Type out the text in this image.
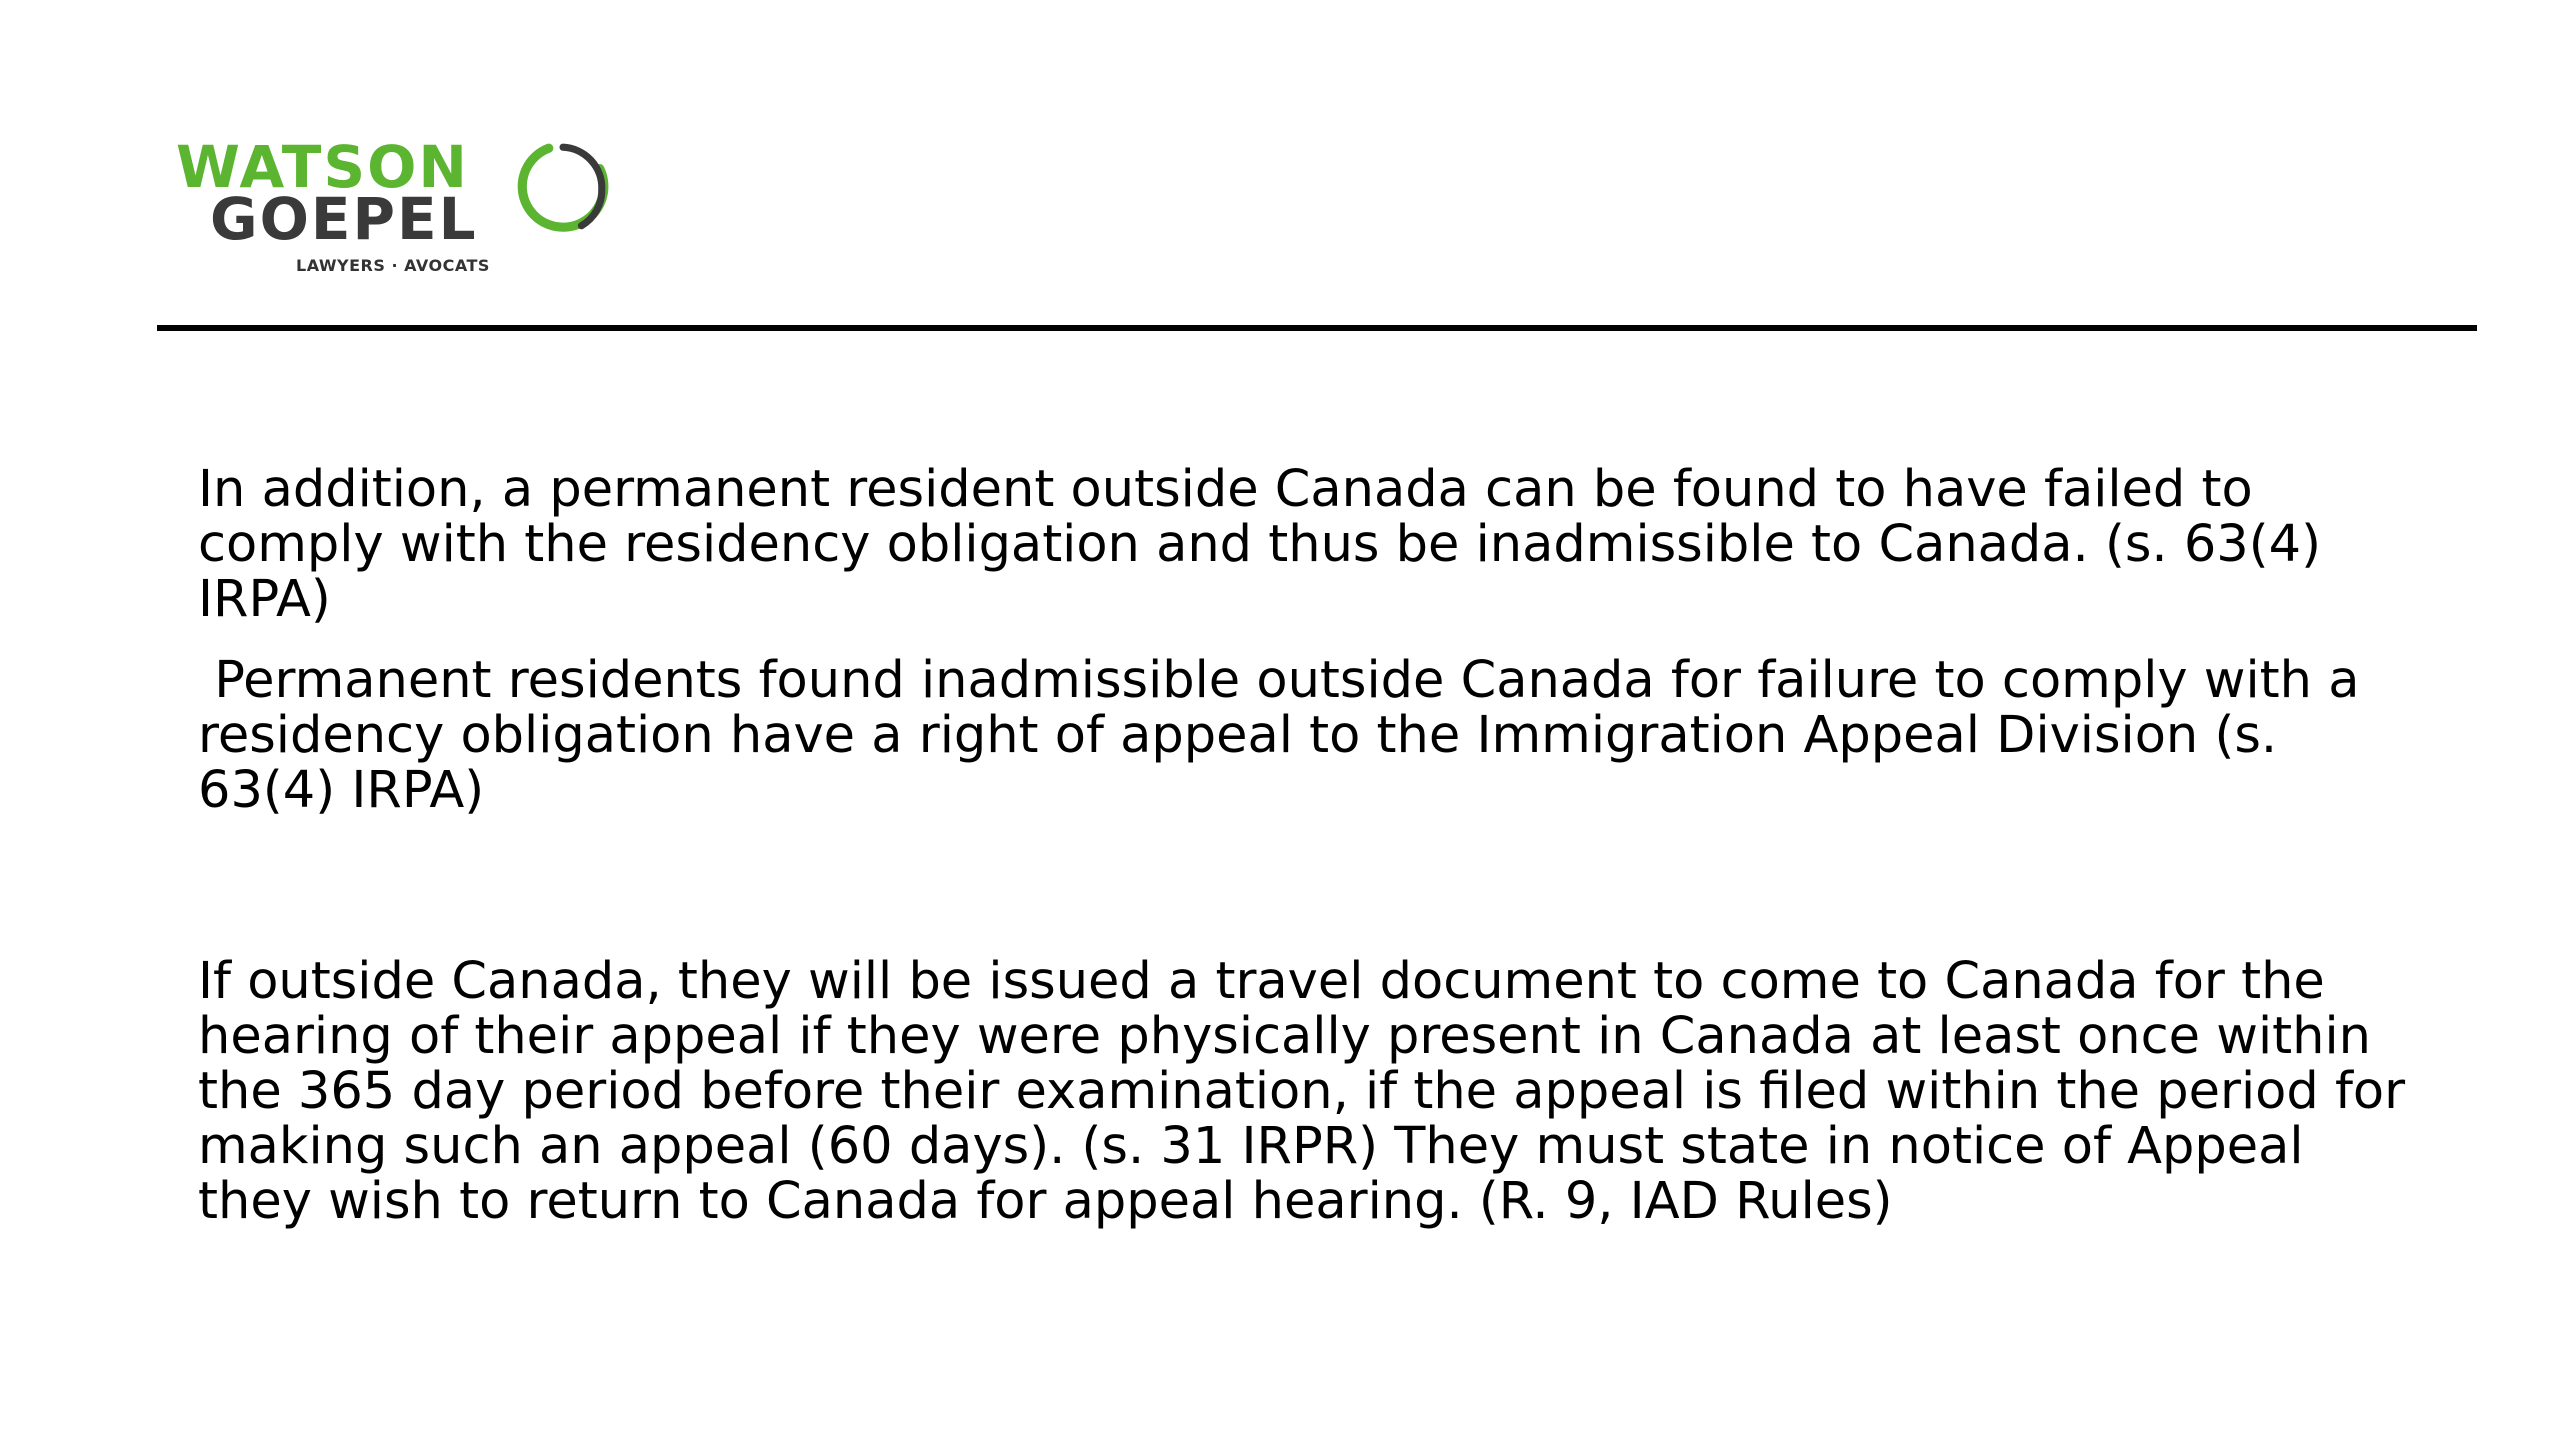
WATSON
GOEPEL
LAWYERS · AVOCATS

In addition, a permanent resident outside Canada can be found to have failed to comply with the residency obligation and thus be inadmissible to Canada. (s. 63(4) IRPA)

Permanent residents found inadmissible outside Canada for failure to comply with a residency obligation have a right of appeal to the Immigration Appeal Division (s. 63(4) IRPA)

If outside Canada, they will be issued a travel document to come to Canada for the hearing of their appeal if they were physically present in Canada at least once within the 365 day period before their examination, if the appeal is filed within the period for making such an appeal (60 days). (s. 31 IRPR) They must state in notice of Appeal they wish to return to Canada for appeal hearing. (R. 9, IAD Rules)
